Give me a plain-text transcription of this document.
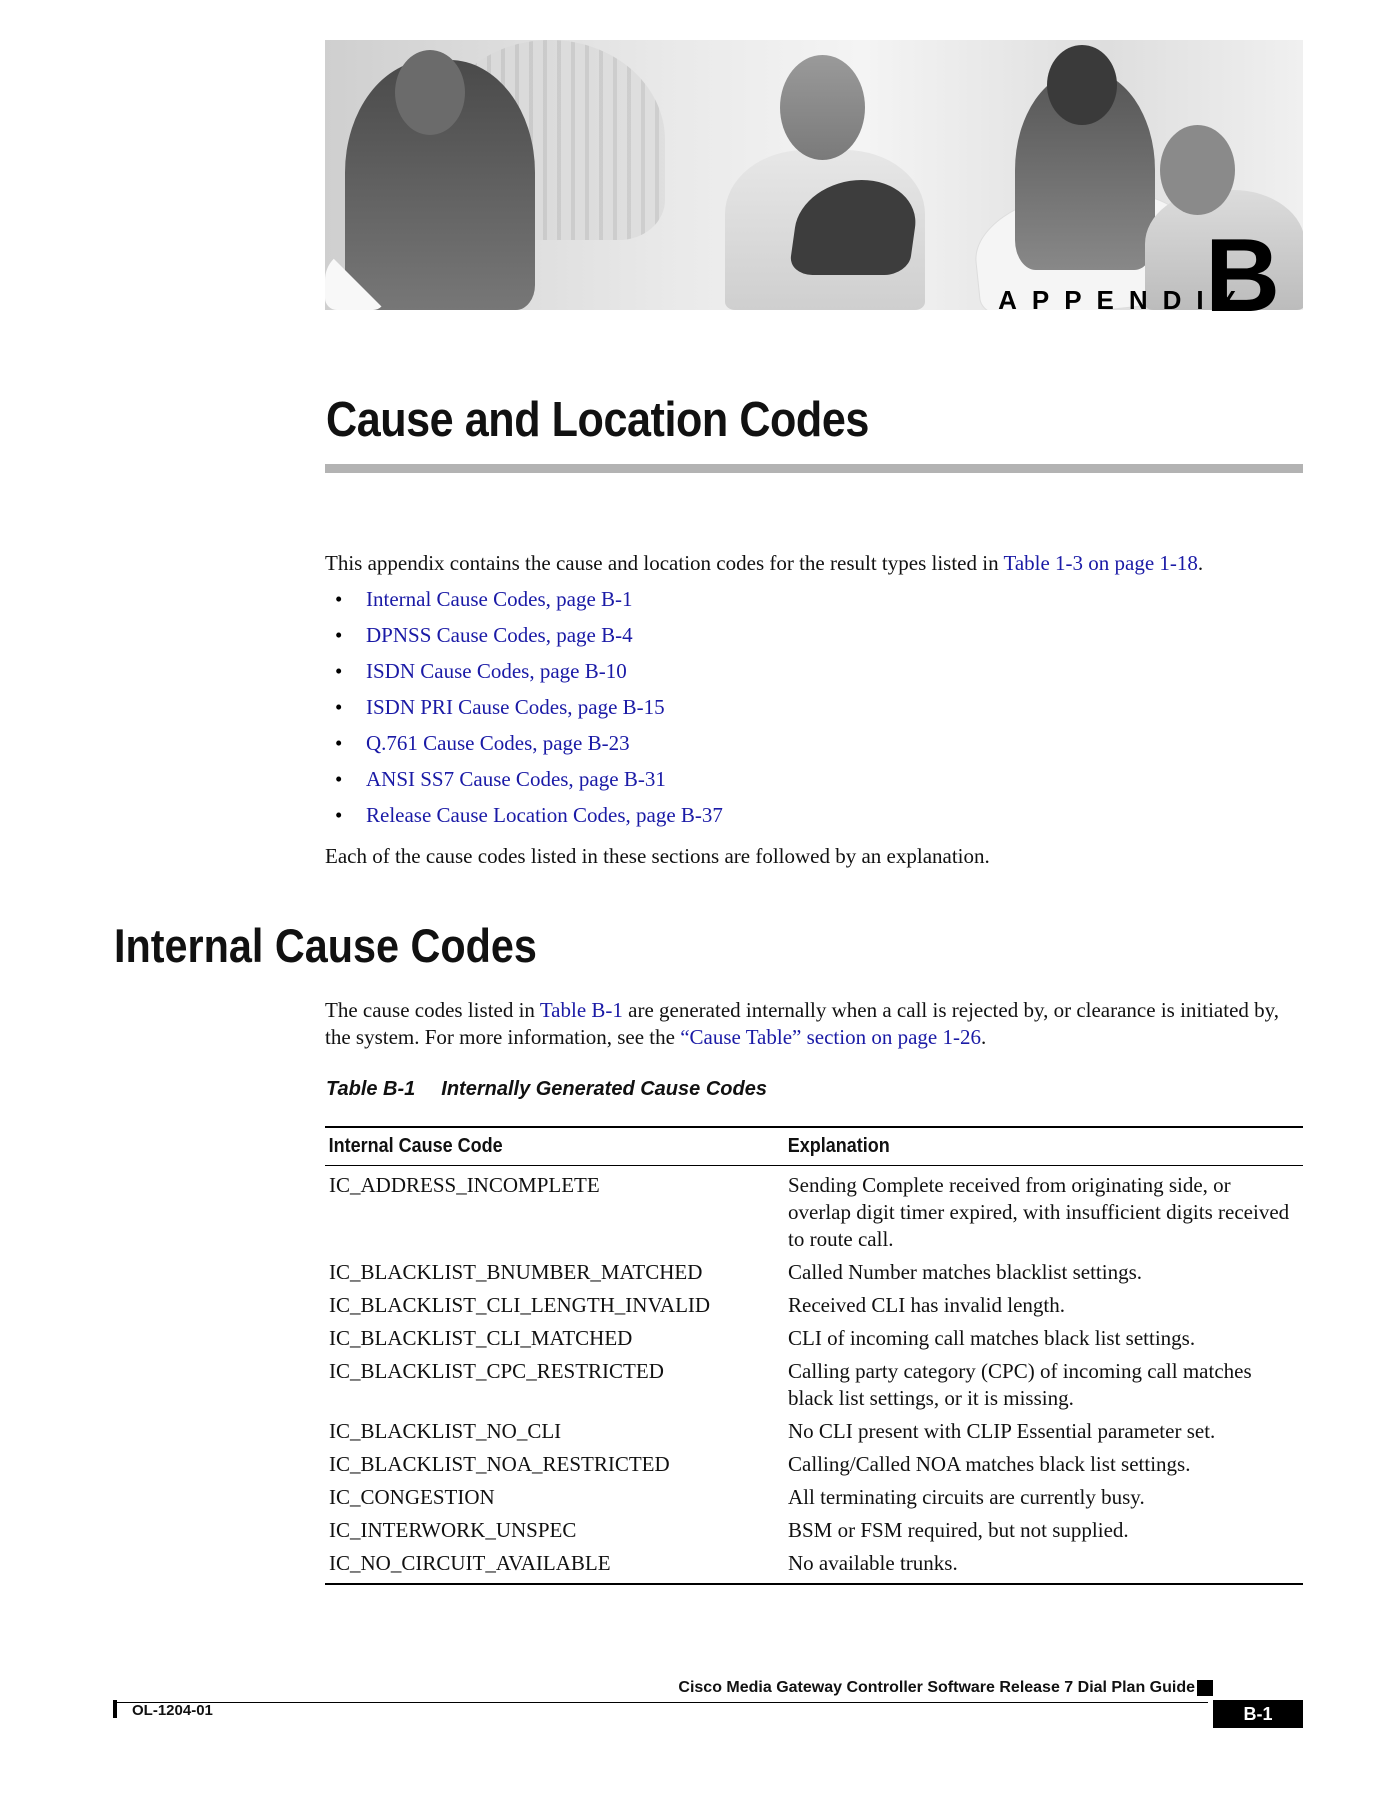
APPENDIX
B
Cause and Location Codes
This appendix contains the cause and location codes for the result types listed in Table 1-3 on page 1-18.
• Internal Cause Codes, page B-1
• DPNSS Cause Codes, page B-4
• ISDN Cause Codes, page B-10
• ISDN PRI Cause Codes, page B-15
• Q.761 Cause Codes, page B-23
• ANSI SS7 Cause Codes, page B-31
• Release Cause Location Codes, page B-37
Each of the cause codes listed in these sections are followed by an explanation.
Internal Cause Codes
The cause codes listed in Table B-1 are generated internally when a call is rejected by, or clearance is initiated by, the system. For more information, see the “Cause Table” section on page 1-26.
Table B-1 Internally Generated Cause Codes
Internal Cause Code	Explanation
IC_ADDRESS_INCOMPLETE	Sending Complete received from originating side, or overlap digit timer expired, with insufficient digits received to route call.
IC_BLACKLIST_BNUMBER_MATCHED	Called Number matches blacklist settings.
IC_BLACKLIST_CLI_LENGTH_INVALID	Received CLI has invalid length.
IC_BLACKLIST_CLI_MATCHED	CLI of incoming call matches black list settings.
IC_BLACKLIST_CPC_RESTRICTED	Calling party category (CPC) of incoming call matches black list settings, or it is missing.
IC_BLACKLIST_NO_CLI	No CLI present with CLIP Essential parameter set.
IC_BLACKLIST_NOA_RESTRICTED	Calling/Called NOA matches black list settings.
IC_CONGESTION	All terminating circuits are currently busy.
IC_INTERWORK_UNSPEC	BSM or FSM required, but not supplied.
IC_NO_CIRCUIT_AVAILABLE	No available trunks.
Cisco Media Gateway Controller Software Release 7 Dial Plan Guide
OL-1204-01	B-1
